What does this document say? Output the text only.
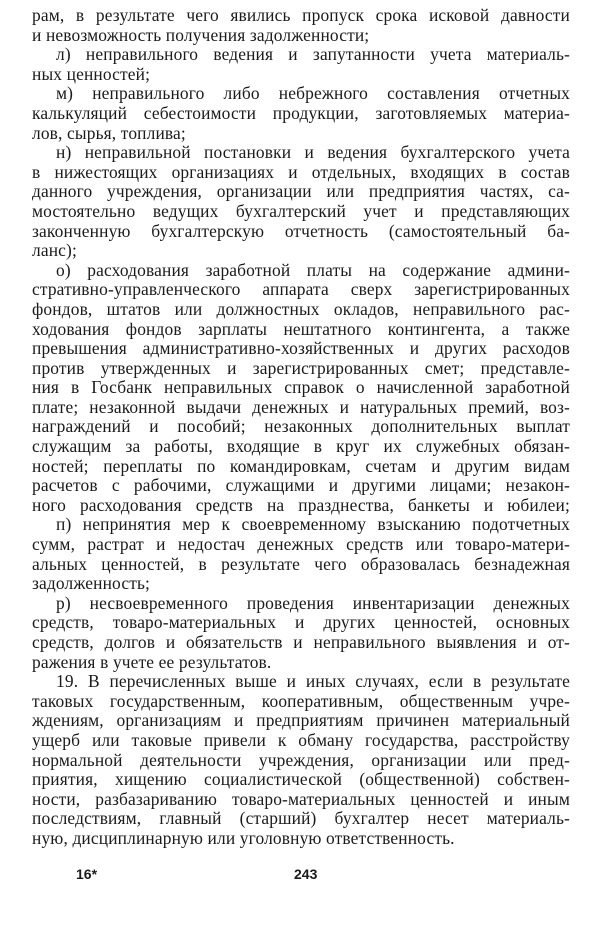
рам, в результате чего явились пропуск срока исковой давности
и невозможность получения задолженности;
л) неправильного ведения и запутанности учета материаль-
ных ценностей;
м) неправильного либо небрежного составления отчетных
калькуляций себестоимости продукции, заготовляемых материа-
лов, сырья, топлива;
н) неправильной постановки и ведения бухгалтерского учета
в нижестоящих организациях и отдельных, входящих в состав
данного учреждения, организации или предприятия частях, са-
мостоятельно ведущих бухгалтерский учет и представляющих
законченную бухгалтерскую отчетность (самостоятельный ба-
ланс);
о) расходования заработной платы на содержание админи-
стративно-управленческого аппарата сверх зарегистрированных
фондов, штатов или должностных окладов, неправильного рас-
ходования фондов зарплаты нештатного контингента, а также
превышения административно-хозяйственных и других расходов
против утвержденных и зарегистрированных смет; представле-
ния в Госбанк неправильных справок о начисленной заработной
плате; незаконной выдачи денежных и натуральных премий, воз-
награждений и пособий; незаконных дополнительных выплат
служащим за работы, входящие в круг их служебных обязан-
ностей; переплаты по командировкам, счетам и другим видам
расчетов с рабочими, служащими и другими лицами; незакон-
ного расходования средств на празднества, банкеты и юбилеи;
п) непринятия мер к своевременному взысканию подотчетных
сумм, растрат и недостач денежных средств или товаро-матери-
альных ценностей, в результате чего образовалась безнадежная
задолженность;
р) несвоевременного проведения инвентаризации денежных
средств, товаро-материальных и других ценностей, основных
средств, долгов и обязательств и неправильного выявления и от-
ражения в учете ее результатов.
19. В перечисленных выше и иных случаях, если в результате
таковых государственным, кооперативным, общественным учре-
ждениям, организациям и предприятиям причинен материальный
ущерб или таковые привели к обману государства, расстройству
нормальной деятельности учреждения, организации или пред-
приятия, хищению социалистической (общественной) собствен-
ности, разбазариванию товаро-материальных ценностей и иным
последствиям, главный (старший) бухгалтер несет материаль-
ную, дисциплинарную или уголовную ответственность.
16*	243
